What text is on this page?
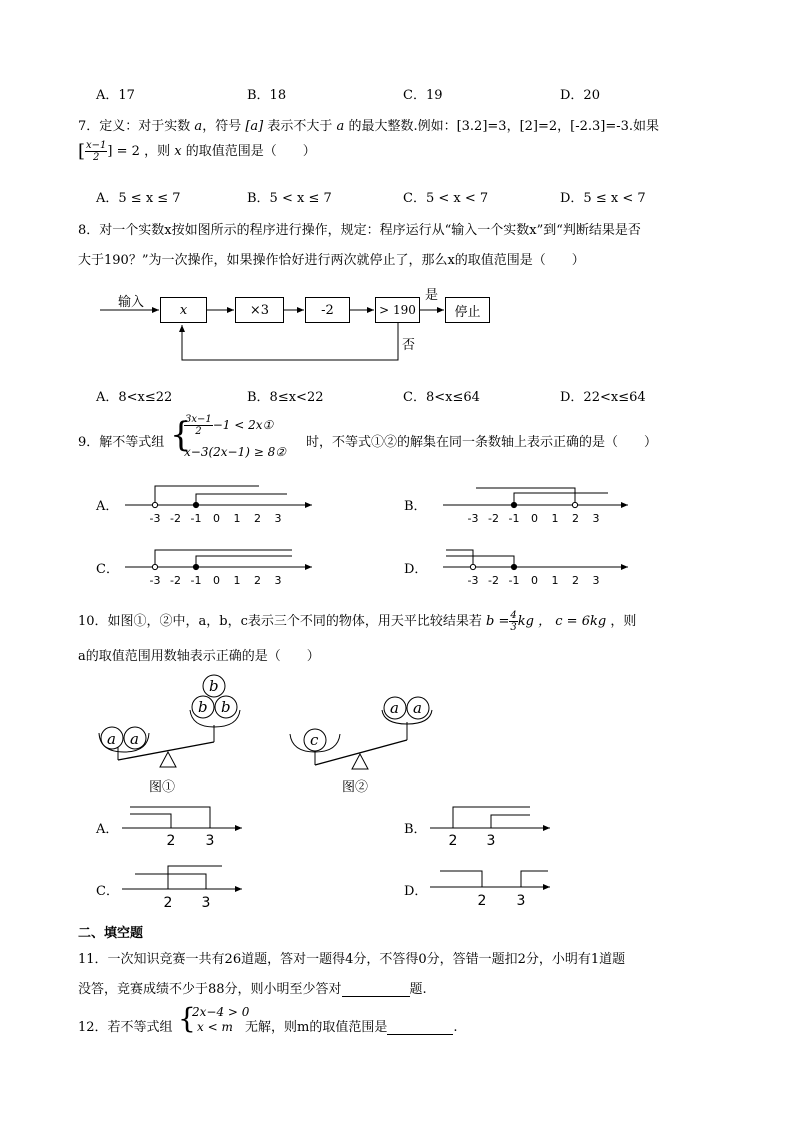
A．17	B．18	C．19	D．20
7．定义：对于实数 a，符号 [a] 表示不大于 a 的最大整数.例如：[3.2]=3，[2]=2，[-2.3]=-3.如果
[ $\frac{x-1}{2}$ ] = 2 ，则 x 的取值范围是（　　）
A．5 ≤ x ≤ 7	B．5 < x ≤ 7	C．5 < x < 7	D．5 ≤ x < 7
8．对一个实数x按如图所示的程序进行操作，规定：程序运行从“输入一个实数x”到“判断结果是否
大于190？”为一次操作，如果操作恰好进行两次就停止了，那么x的取值范围是（　　）
输入	x	×3	-2	> 190
是
停止
否
A．8<x≤22	B．8≤x<22	C．8<x≤64	D．22<x≤64
9．解不等式组 {
$\frac{3x-1}{2} -1$ < 2x①
x−3(2x−1) ≥ 8②
时，不等式①②的解集在同一条数轴上表示正确的是（　　）
A．	B．
C．	D．
-3 -2 -1 0 1 2 3	-3 -2 -1 0 1 2 3
-3 -2 -1 0 1 2 3	-3 -2 -1 0 1 2 3
10．如图①，②中，a，b，c表示三个不同的物体，用天平比较结果若 $b = \frac{4}{3}$ kg ， c = 6kg ，则
a的取值范围用数轴表示正确的是（　　）
a a
b b
b
c
a a
图①	图②
A．	B．
C．	D．
2 3	2 3
2 3	2 3
二、填空题
11．一次知识竞赛一共有26道题，答对一题得4分，不答得0分，答错一题扣2分，小明有1道题
没答，竞赛成绩不少于88分，则小明至少答对	题.
12．若不等式组 {
2x−4 > 0
x < m 无解，则m的取值范围是	.
